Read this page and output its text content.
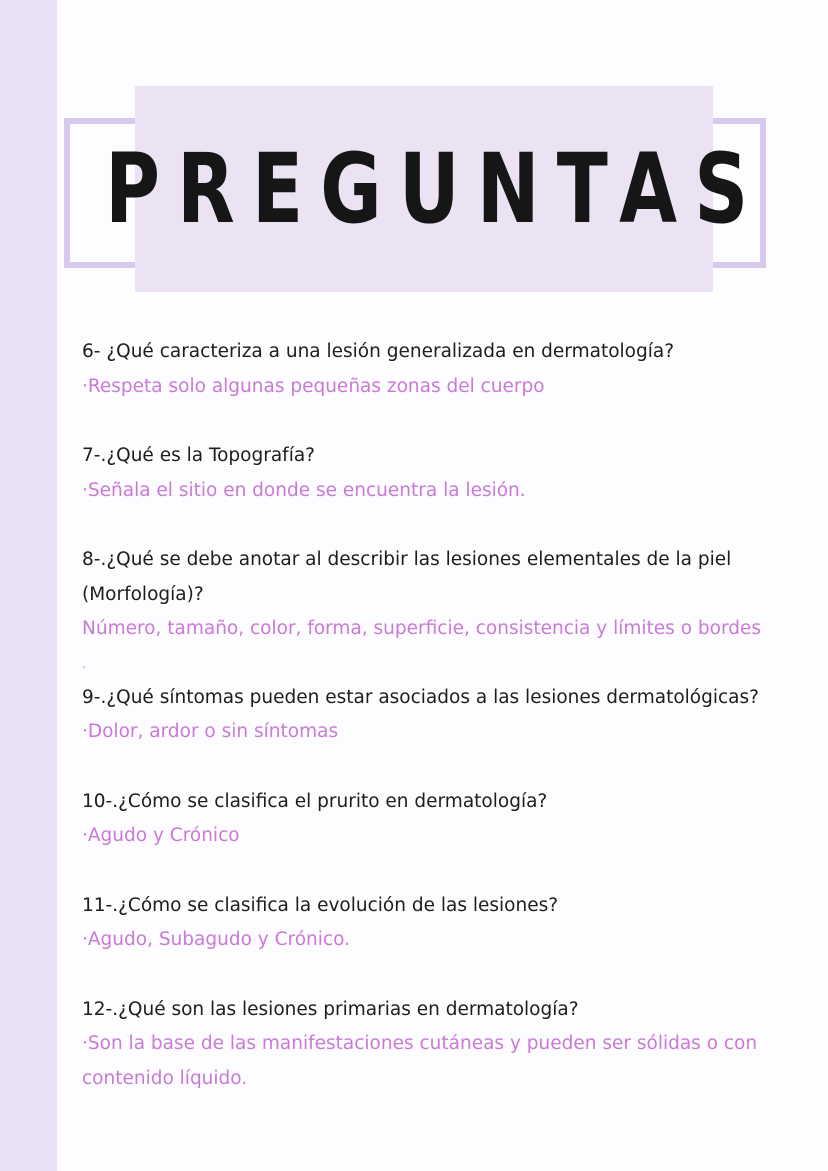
PREGUNTAS
6- ¿Qué caracteriza a una lesión generalizada en dermatología?
·Respeta solo algunas pequeñas zonas del cuerpo
7-.¿Qué es la Topografía?
·Señala el sitio en donde se encuentra la lesión.
8-.¿Qué se debe anotar al describir las lesiones elementales de la piel
(Morfología)?
Número, tamaño, color, forma, superficie, consistencia y límites o bordes
.
9-.¿Qué síntomas pueden estar asociados a las lesiones dermatológicas?
·Dolor, ardor o sin síntomas
10-.¿Cómo se clasifica el prurito en dermatología?
·Agudo y Crónico
11-.¿Cómo se clasifica la evolución de las lesiones?
·Agudo, Subagudo y Crónico.
12-.¿Qué son las lesiones primarias en dermatología?
·Son la base de las manifestaciones cutáneas y pueden ser sólidas o con
contenido líquido.
